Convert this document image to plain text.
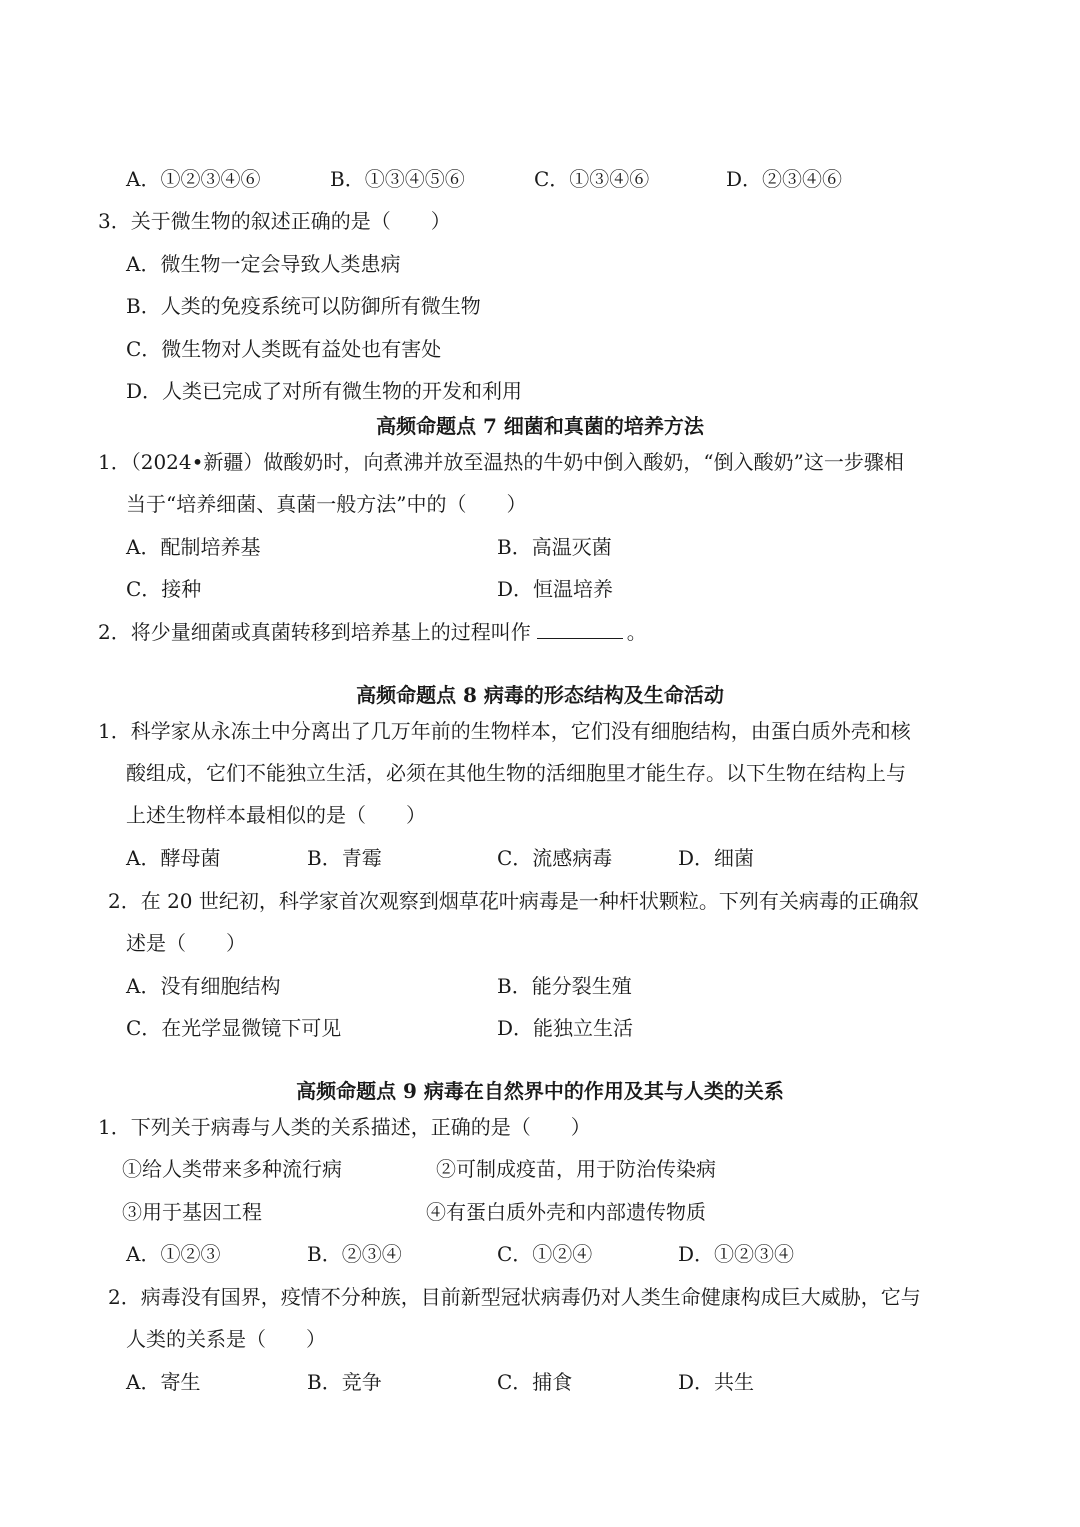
A．①②③④⑥	B．①③④⑤⑥	C．①③④⑥	D．②③④⑥
3．关于微生物的叙述正确的是（　　）
A．微生物一定会导致人类患病
B．人类的免疫系统可以防御所有微生物
C．微生物对人类既有益处也有害处
D．人类已完成了对所有微生物的开发和利用
高频命题点 7 细菌和真菌的培养方法
1．（2024•新疆）做酸奶时，向煮沸并放至温热的牛奶中倒入酸奶，“倒入酸奶”这一步骤相
当于“培养细菌、真菌一般方法”中的（　　）
A．配制培养基	B．高温灭菌
C．接种	D．恒温培养
2．将少量细菌或真菌转移到培养基上的过程叫作	。
高频命题点 8 病毒的形态结构及生命活动
1．科学家从永冻土中分离出了几万年前的生物样本，它们没有细胞结构，由蛋白质外壳和核
酸组成，它们不能独立生活，必须在其他生物的活细胞里才能生存。以下生物在结构上与
上述生物样本最相似的是（　　）
A．酵母菌	B．青霉	C．流感病毒	D．细菌
2．在 20 世纪初，科学家首次观察到烟草花叶病毒是一种杆状颗粒。下列有关病毒的正确叙
述是（　　）
A．没有细胞结构	B．能分裂生殖
C．在光学显微镜下可见	D．能独立生活
高频命题点 9 病毒在自然界中的作用及其与人类的关系
1．下列关于病毒与人类的关系描述，正确的是（　　）
①给人类带来多种流行病	②可制成疫苗，用于防治传染病
③用于基因工程	④有蛋白质外壳和内部遗传物质
A．①②③	B．②③④	C．①②④	D．①②③④
2．病毒没有国界，疫情不分种族，目前新型冠状病毒仍对人类生命健康构成巨大威胁，它与
人类的关系是（　　）
A．寄生	B．竞争	C．捕食	D．共生
